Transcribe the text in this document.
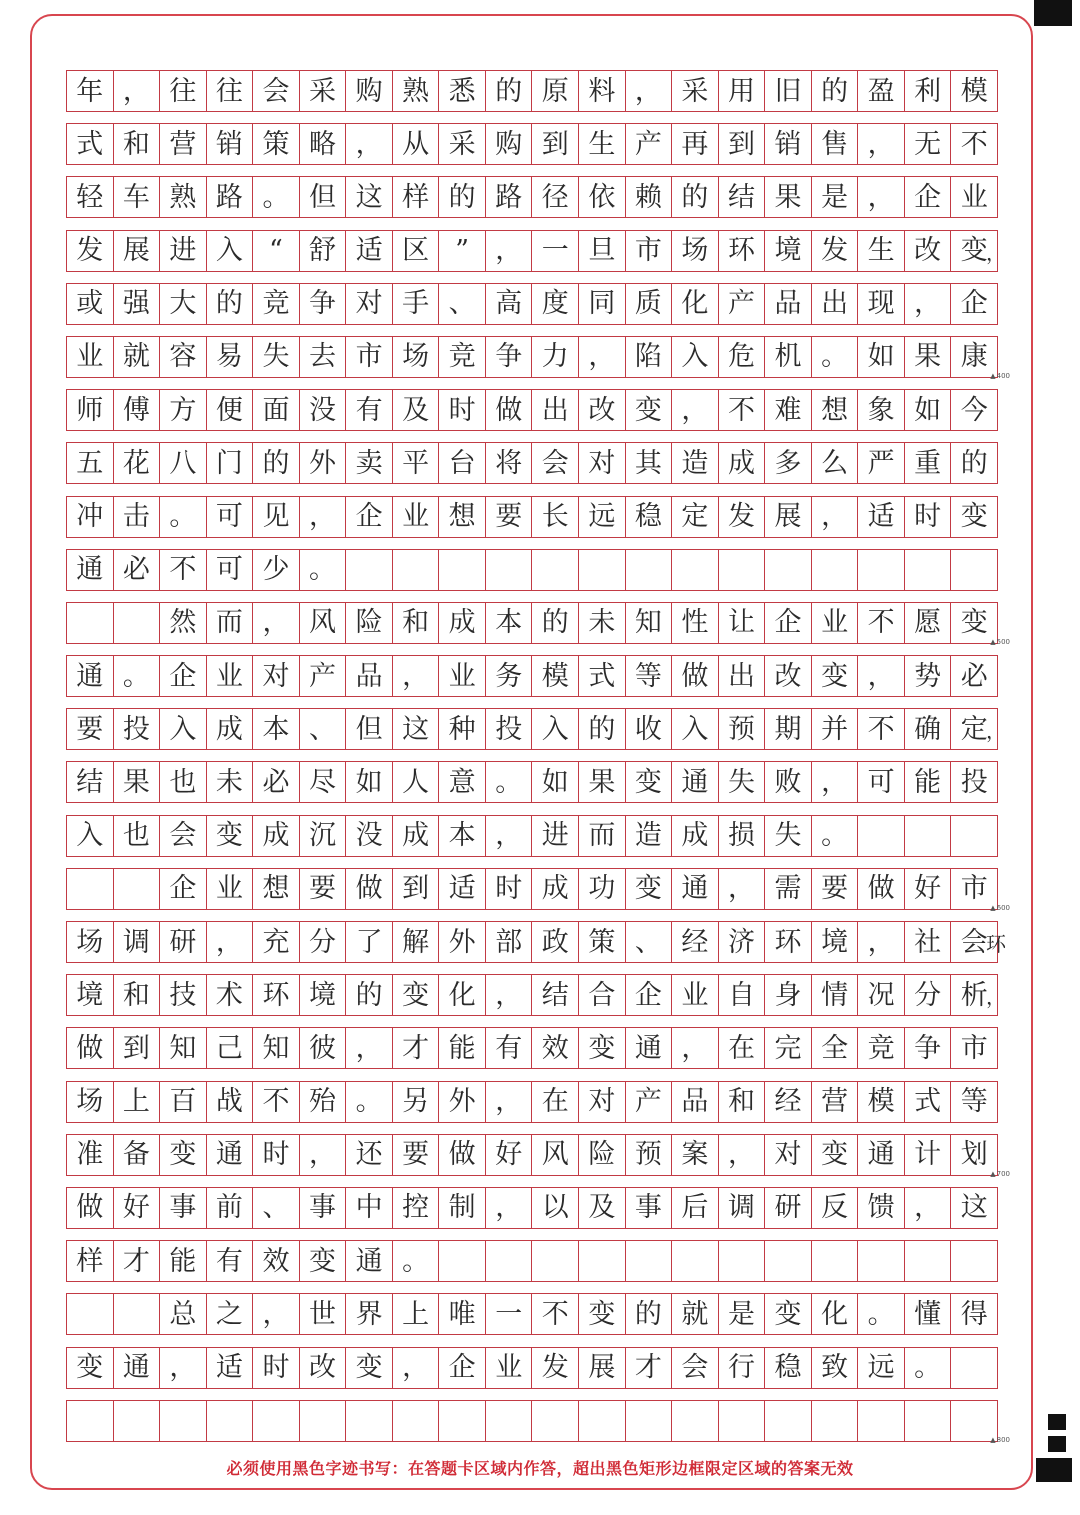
年 ， 往 往 会 采 购 熟 悉 的 原 料 ， 采 用 旧 的 盈 利 模
式 和 营 销 策 略 ， 从 采 购 到 生 产 再 到 销 售 ， 无 不
轻 车 熟 路 。 但 这 样 的 路 径 依 赖 的 结 果 是 ， 企 业
发 展 进 入 “ 舒 适 区 ” ， 一 旦 市 场 环 境 发 生 改 变
，
或 强 大 的 竞 争 对 手 、 高 度 同 质 化 产 品 出 现 ， 企
业 就 容 易 失 去 市 场 竞 争 力 ， 陷 入 危 机 。 如 果 康
▲ 400
师 傅 方 便 面 没 有 及 时 做 出 改 变 ， 不 难 想 象 如 今
五 花 八 门 的 外 卖 平 台 将 会 对 其 造 成 多 么 严 重 的
冲 击 。 可 见 ， 企 业 想 要 长 远 稳 定 发 展 ， 适 时 变
通 必 不 可 少 。
然 而 ， 风 险 和 成 本 的 未 知 性 让 企 业 不 愿 变
▲ 500
通 。 企 业 对 产 品 ， 业 务 模 式 等 做 出 改 变 ， 势 必
要 投 入 成 本 、 但 这 种 投 入 的 收 入 预 期 并 不 确 定
，
结 果 也 未 必 尽 如 人 意 。 如 果 变 通 失 败 ， 可 能 投
入 也 会 变 成 沉 没 成 本 ， 进 而 造 成 损 失 。
企 业 想 要 做 到 适 时 成 功 变 通 ， 需 要 做 好 市
▲ 600
场 调 研 ， 充 分 了 解 外 部 政 策 、 经 济 环 境 ， 社 会
环
境 和 技 术 环 境 的 变 化 ， 结 合 企 业 自 身 情 况 分 析
，
做 到 知 己 知 彼 ， 才 能 有 效 变 通 ， 在 完 全 竞 争 市
场 上 百 战 不 殆 。 另 外 ， 在 对 产 品 和 经 营 模 式 等
准 备 变 通 时 ， 还 要 做 好 风 险 预 案 ， 对 变 通 计 划
▲ 700
做 好 事 前 、 事 中 控 制 ， 以 及 事 后 调 研 反 馈 ， 这
样 才 能 有 效 变 通 。
总 之 ， 世 界 上 唯 一 不 变 的 就 是 变 化 。 懂 得
变 通 ， 适 时 改 变 ， 企 业 发 展 才 会 行 稳 致 远 。
▲ 800
必须使用黑色字迹书写：在答题卡区域内作答，超出黑色矩形边框限定区域的答案无效
